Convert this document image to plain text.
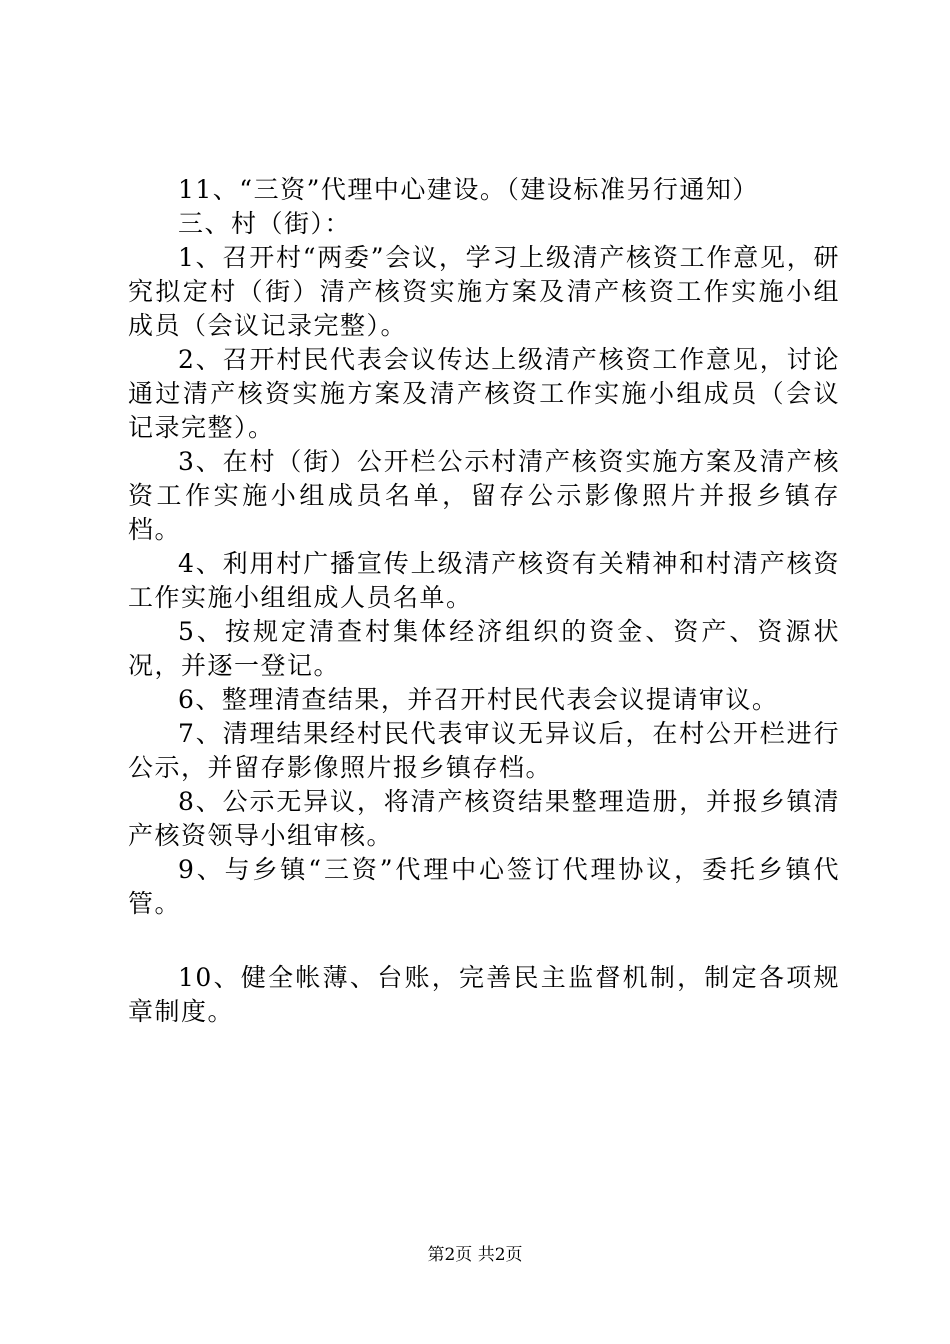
11、“三资”代理中心建设。（建设标准另行通知）

三、村（街）：

1、召开村“两委”会议，学习上级清产核资工作意见，研究拟定村（街）清产核资实施方案及清产核资工作实施小组成员（会议记录完整）。

2、召开村民代表会议传达上级清产核资工作意见，讨论通过清产核资实施方案及清产核资工作实施小组成员（会议记录完整）。

3、在村（街）公开栏公示村清产核资实施方案及清产核资工作实施小组成员名单，留存公示影像照片并报乡镇存档。

4、利用村广播宣传上级清产核资有关精神和村清产核资工作实施小组组成人员名单。

5、按规定清查村集体经济组织的资金、资产、资源状况，并逐一登记。

6、整理清查结果，并召开村民代表会议提请审议。

7、清理结果经村民代表审议无异议后，在村公开栏进行公示，并留存影像照片报乡镇存档。

8、公示无异议，将清产核资结果整理造册，并报乡镇清产核资领导小组审核。

9、与乡镇“三资”代理中心签订代理协议，委托乡镇代管。

10、健全帐薄、台账，完善民主监督机制，制定各项规章制度。

第2页 共2页
